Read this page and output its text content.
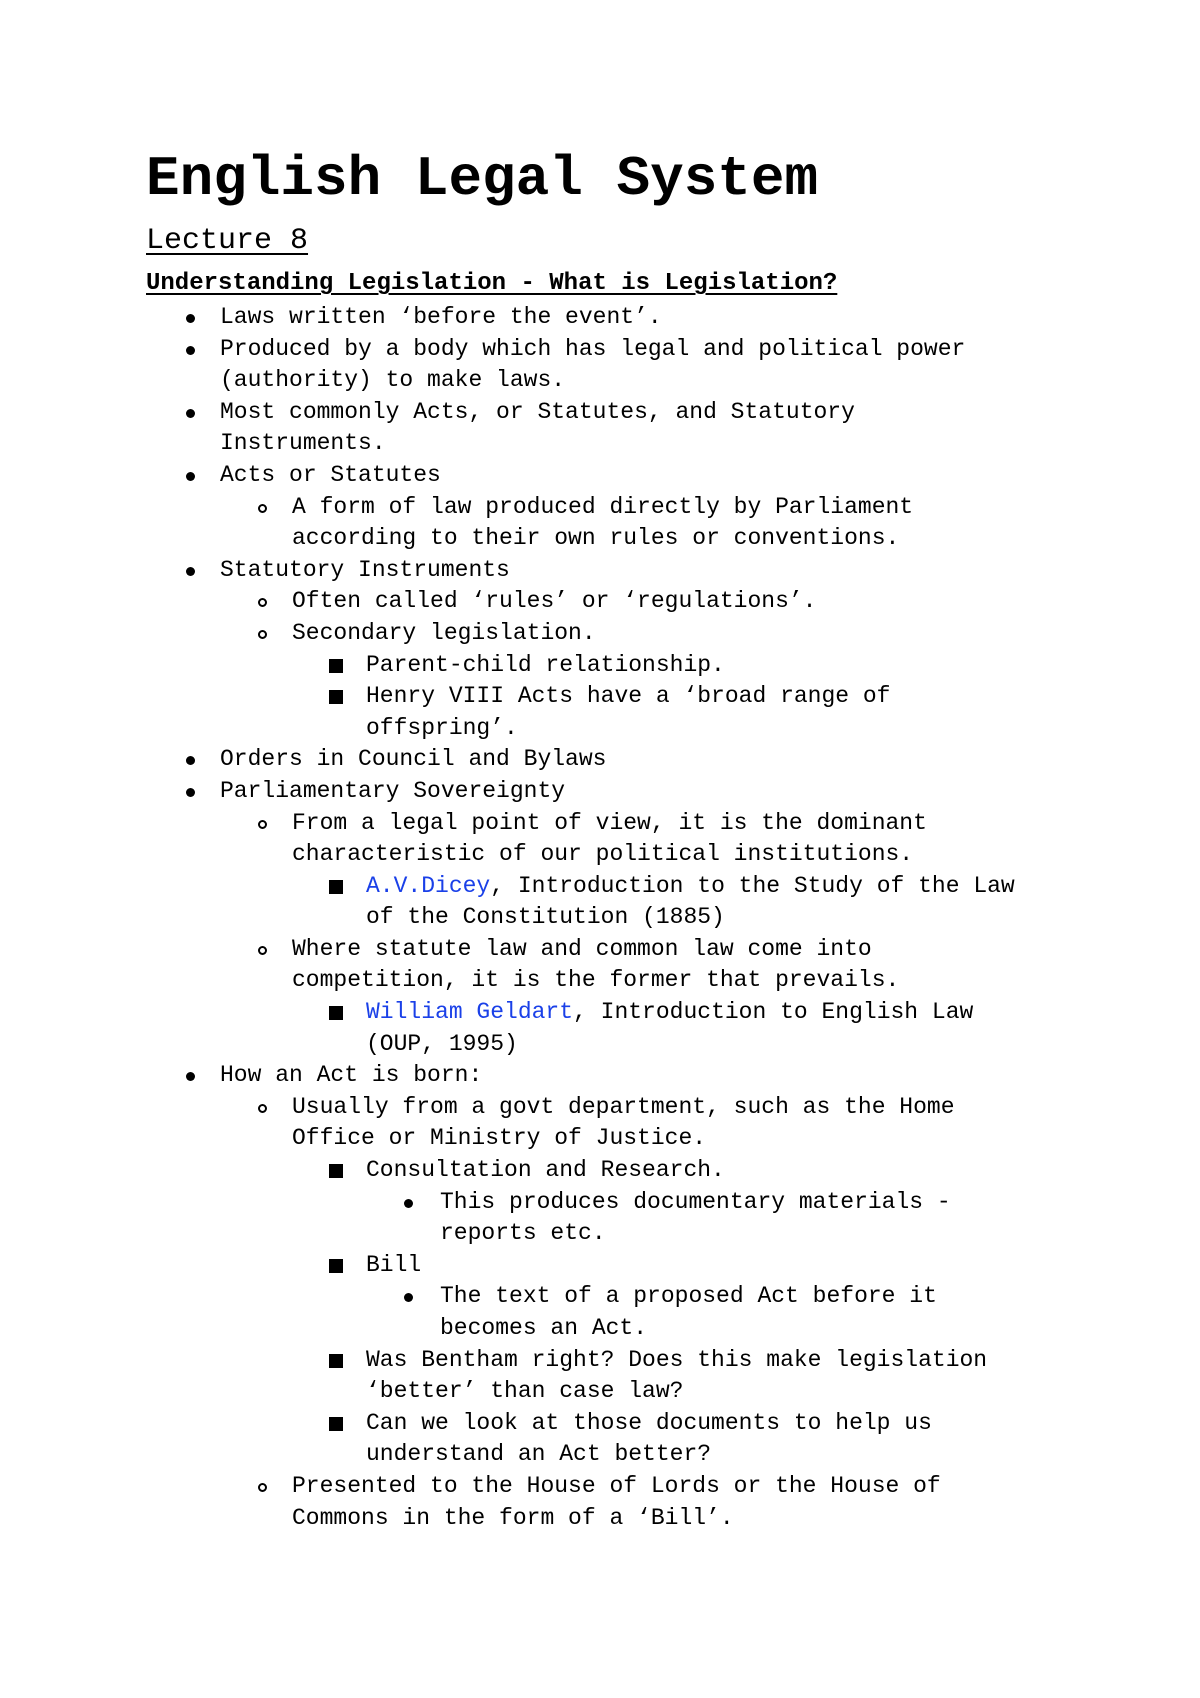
English Legal System
Lecture 8
Understanding Legislation - What is Legislation?
Laws written ‘before the event’.
Produced by a body which has legal and political power
(authority) to make laws.
Most commonly Acts, or Statutes, and Statutory
Instruments.
Acts or Statutes
A form of law produced directly by Parliament
according to their own rules or conventions.
Statutory Instruments
Often called ‘rules’ or ‘regulations’.
Secondary legislation.
Parent-child relationship.
Henry VIII Acts have a ‘broad range of
offspring’.
Orders in Council and Bylaws
Parliamentary Sovereignty
From a legal point of view, it is the dominant
characteristic of our political institutions.
A.V.Dicey, Introduction to the Study of the Law
of the Constitution (1885)
Where statute law and common law come into
competition, it is the former that prevails.
William Geldart, Introduction to English Law
(OUP, 1995)
How an Act is born:
Usually from a govt department, such as the Home
Office or Ministry of Justice.
Consultation and Research.
This produces documentary materials -
reports etc.
Bill
The text of a proposed Act before it
becomes an Act.
Was Bentham right? Does this make legislation
‘better’ than case law?
Can we look at those documents to help us
understand an Act better?
Presented to the House of Lords or the House of
Commons in the form of a ‘Bill’.
